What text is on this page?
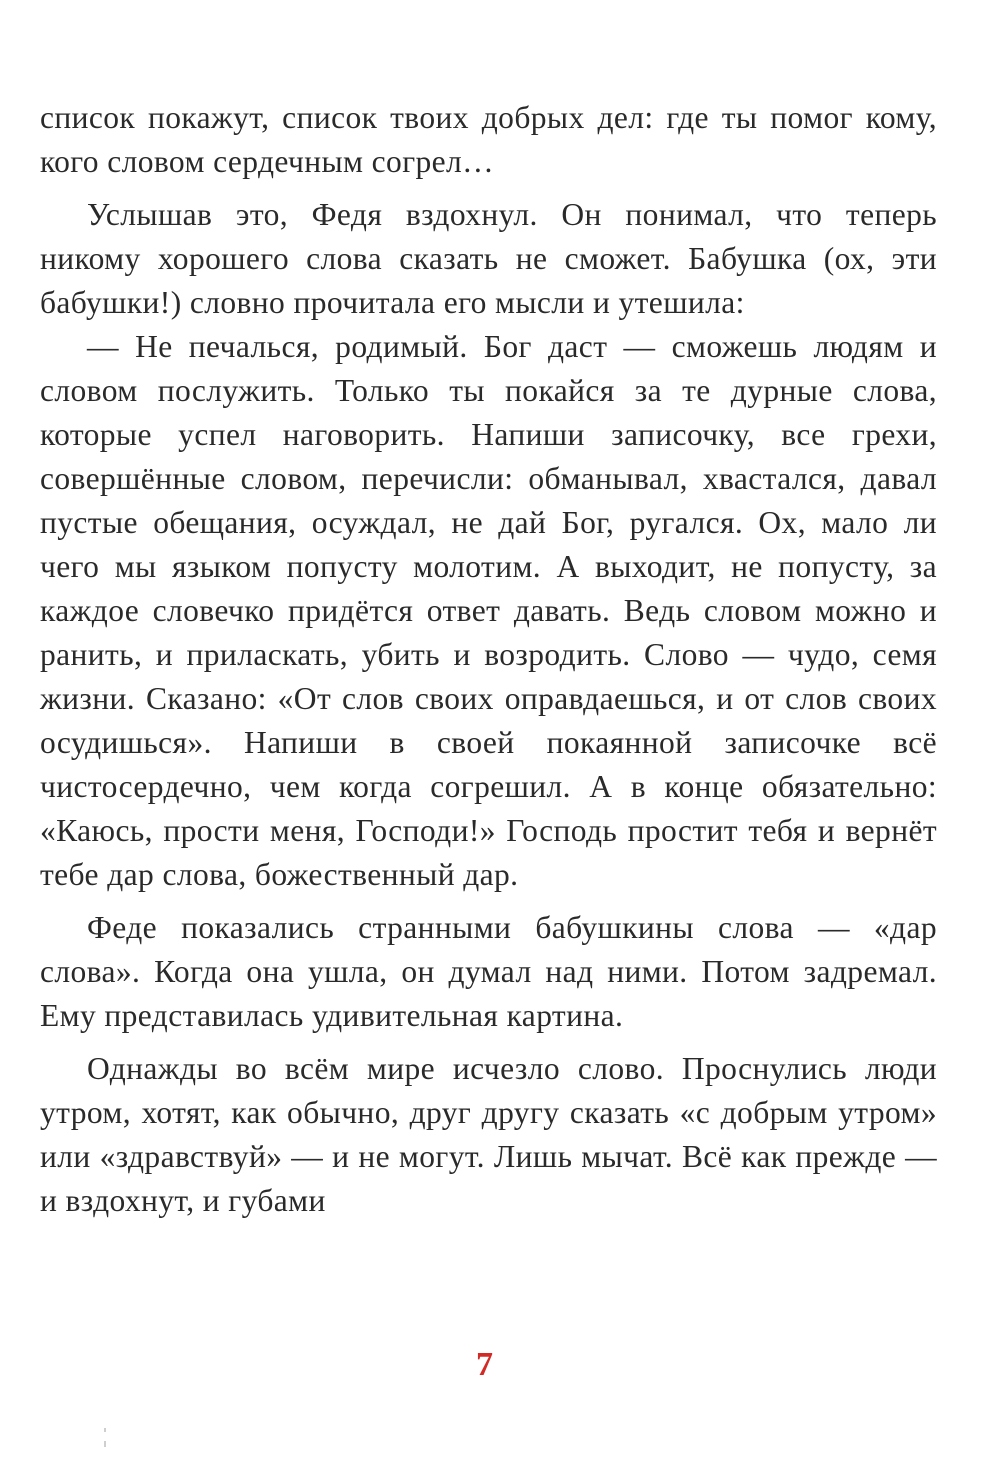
список покажут, список твоих добрых дел: где ты помог кому, кого словом сердечным согрел…

Услышав это, Федя вздохнул. Он понимал, что теперь никому хорошего слова сказать не сможет. Бабушка (ох, эти бабушки!) словно прочитала его мысли и утешила:

— Не печалься, родимый. Бог даст — сможешь людям и словом послужить. Только ты покайся за те дурные слова, которые успел наговорить. Напиши записочку, все грехи, совершённые словом, перечисли: обманывал, хвастался, давал пустые обещания, осуждал, не дай Бог, ругался. Ох, мало ли чего мы языком попусту молотим. А выходит, не попусту, за каждое словечко придётся ответ давать. Ведь словом можно и ранить, и приласкать, убить и возродить. Слово — чудо, семя жизни. Сказано: «От слов своих оправдаешься, и от слов своих осудишься». Напиши в своей покаянной записочке всё чистосердечно, чем когда согрешил. А в конце обязательно: «Каюсь, прости меня, Господи!» Господь простит тебя и вернёт тебе дар слова, божественный дар.

Феде показались странными бабушкины слова — «дар слова». Когда она ушла, он думал над ними. Потом задремал. Ему представилась удивительная картина.

Однажды во всём мире исчезло слово. Проснулись люди утром, хотят, как обычно, друг другу сказать «с добрым утром» или «здравствуй» — и не могут. Лишь мычат. Всё как прежде — и вздохнут, и губами

7
